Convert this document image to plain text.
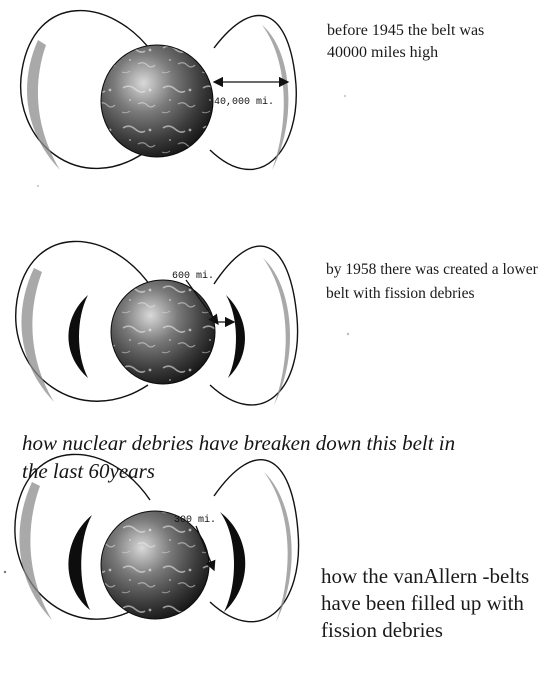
40,000 mi.
600 mi.
300 mi.
before 1945 the belt was 40000 miles high
by 1958 there was created a lower belt with fission debries
how nuclear debries have breaken down this belt in the last 60years
how the vanAllern -belts have been filled up with fission debries
